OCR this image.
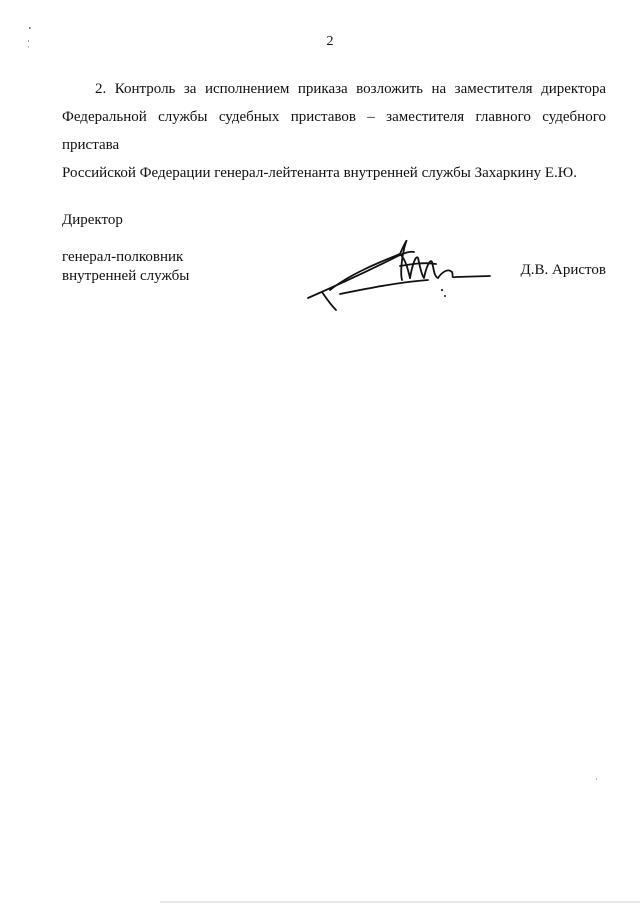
2

2. Контроль за исполнением приказа возложить на заместителя директора
Федеральной службы судебных приставов – заместителя главного судебного пристава
Российской Федерации генерал-лейтенанта внутренней службы Захаркину Е.Ю.

Директор
генерал-полковник
внутренней службы	Д.В. Аристов
